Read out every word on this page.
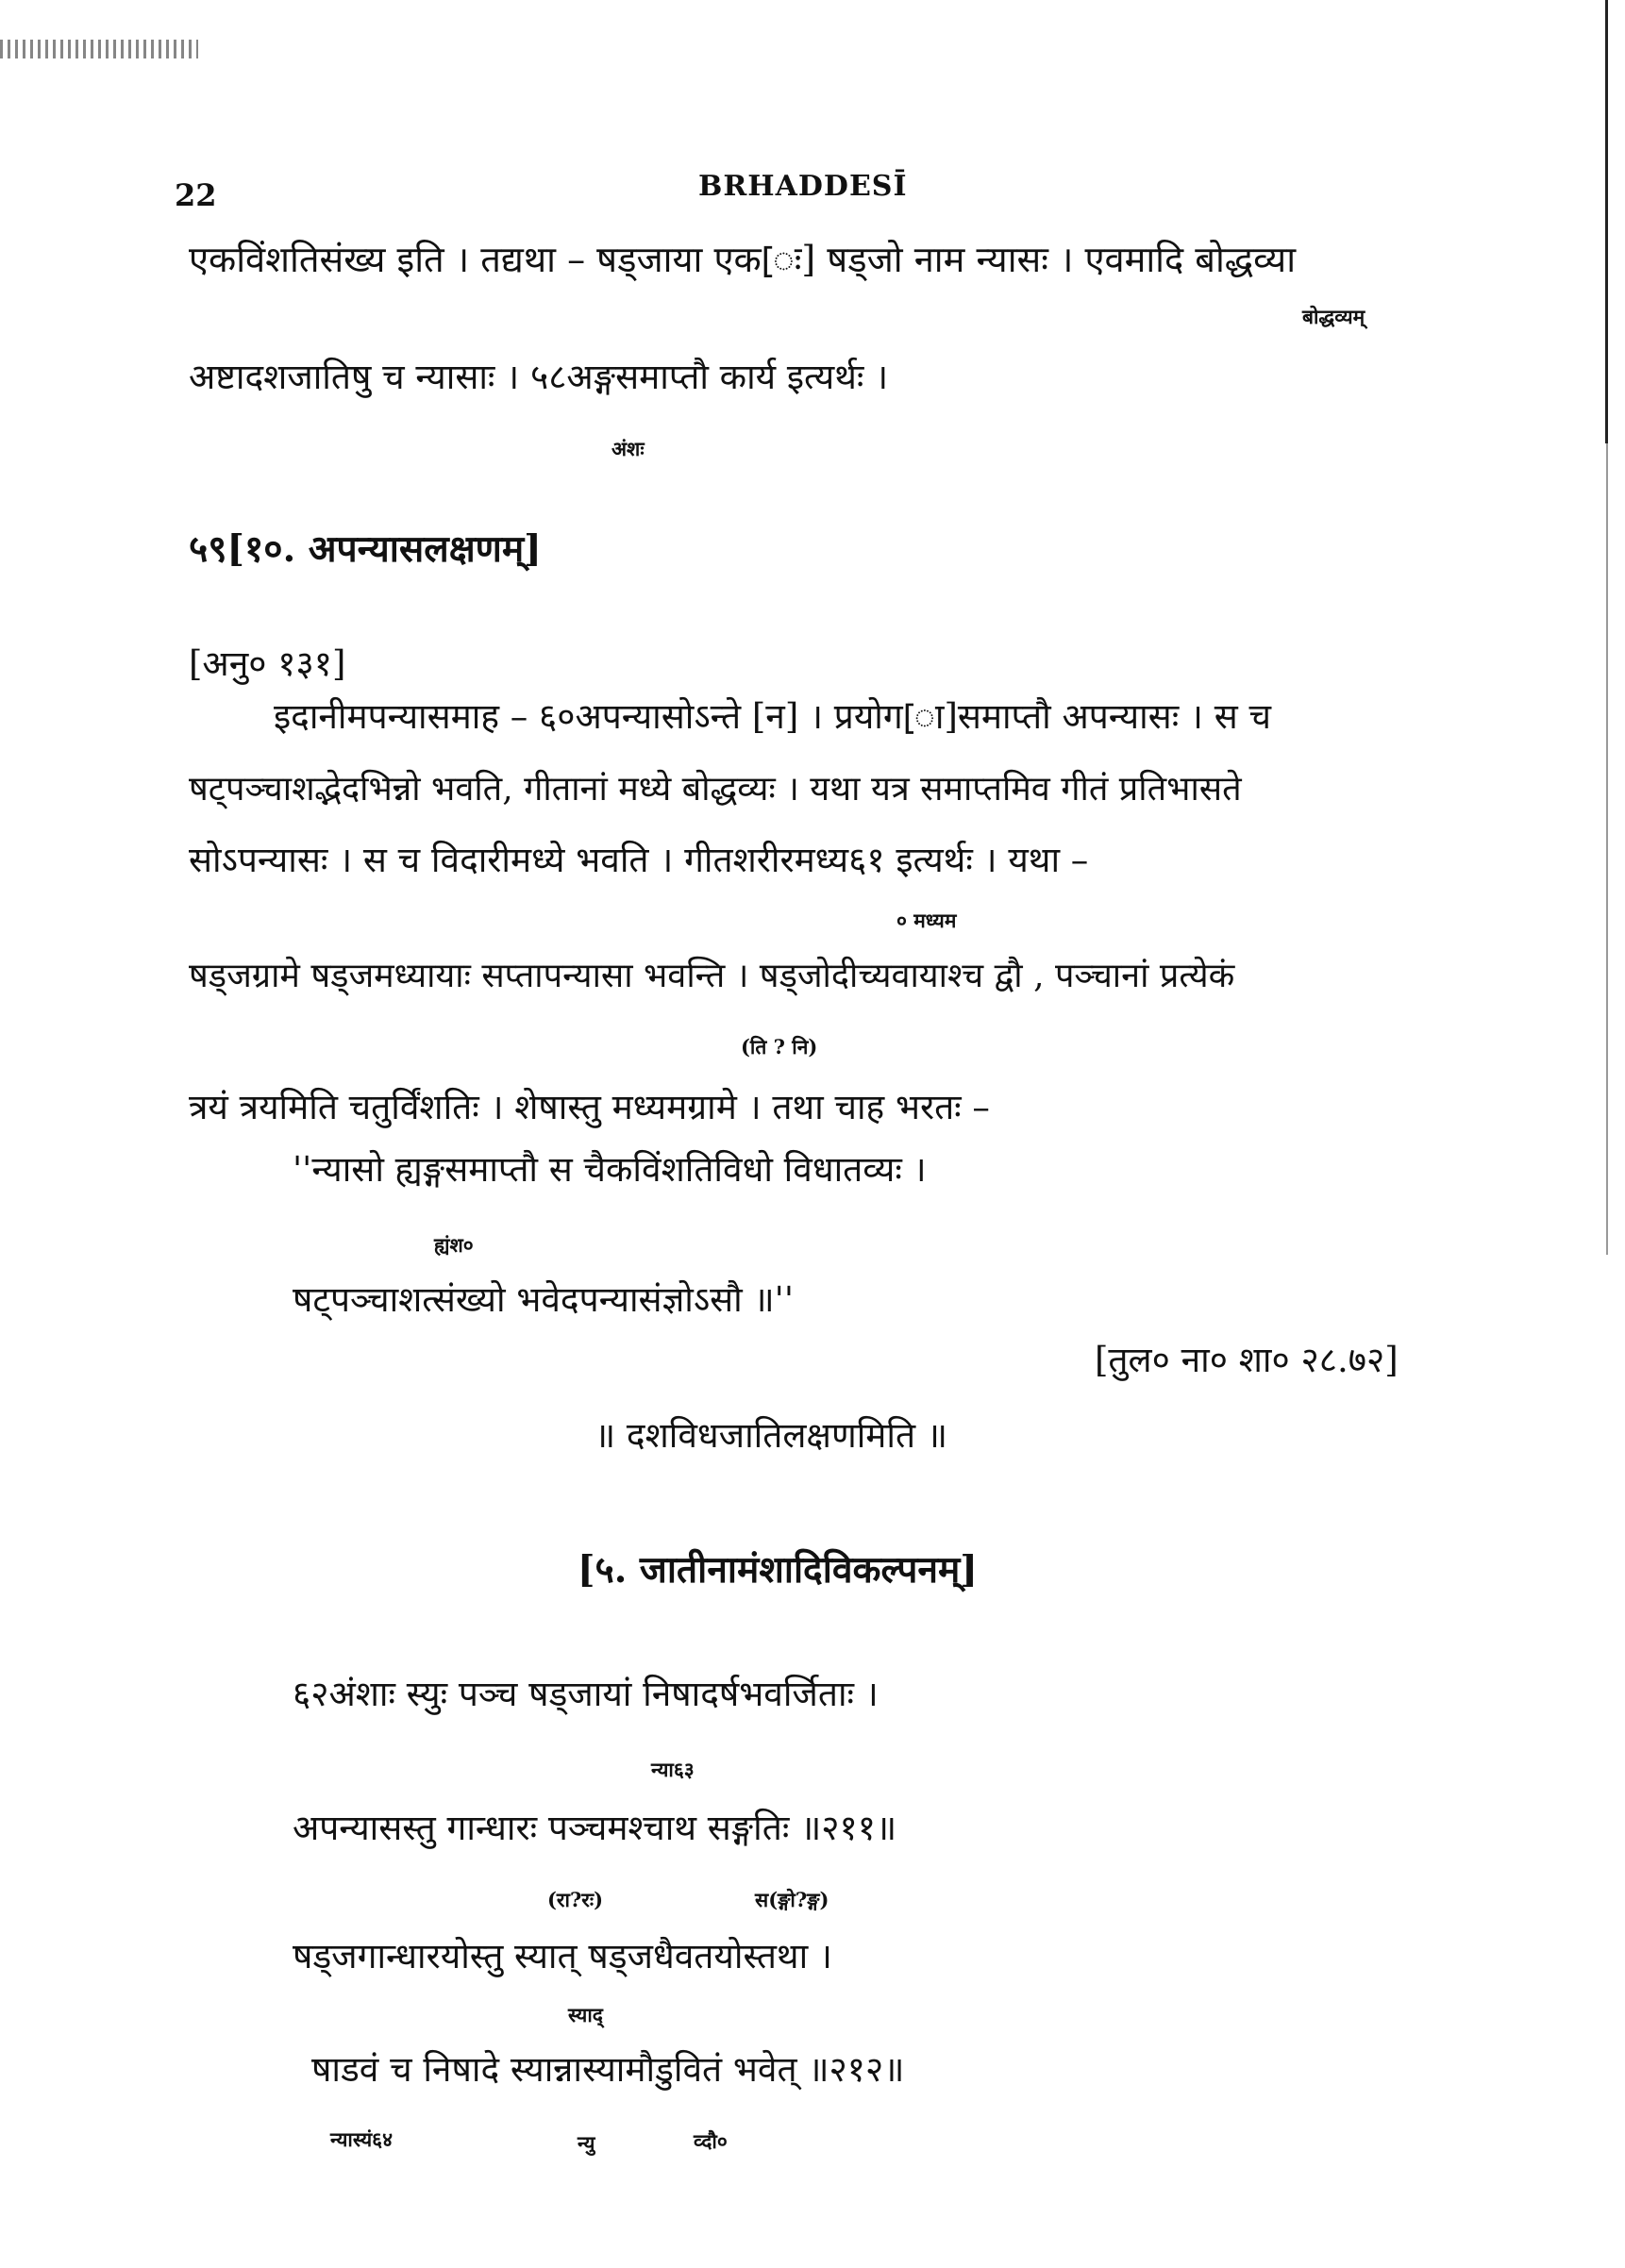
22	BRHADDESĪ
एकविंशतिसंख्य इति । तद्यथा – षड्जाया एक[ः] षड्जो नाम न्यासः । एवमादि बोद्धव्या
बोद्धव्यम्
अष्टादशजातिषु च न्यासाः । ५८अङ्गसमाप्तौ कार्य इत्यर्थः ।
अंशः
५९[१०. अपन्यासलक्षणम्]
[अनु० १३१]
इदानीमपन्यासमाह – ६०अपन्यासोऽन्ते [न] । प्रयोग[ा]समाप्तौ अपन्यासः । स च
षट्पञ्चाशद्भेदभिन्नो भवति, गीतानां मध्ये बोद्धव्यः । यथा यत्र समाप्तमिव गीतं प्रतिभासते
सोऽपन्यासः । स च विदारीमध्ये भवति । गीतशरीरमध्य६१ इत्यर्थः । यथा –
० मध्यम
षड्जग्रामे षड्जमध्यायाः सप्तापन्यासा भवन्ति । षड्जोदीच्यवायाश्च द्वौ , पञ्चानां प्रत्येकं
(ति ? नि)
त्रयं त्रयमिति चतुर्विंशतिः । शेषास्तु मध्यमग्रामे । तथा चाह भरतः –
''न्यासो ह्यङ्गसमाप्तौ स चैकविंशतिविधो विधातव्यः ।
ह्यंश०
षट्पञ्चाशत्संख्यो भवेदपन्यासंज्ञोऽसौ ॥''
[तुल० ना० शा० २८.७२]
॥ दशविधजातिलक्षणमिति ॥
[५. जातीनामंशादिविकल्पनम्]
६२अंशाः स्युः पञ्च षड्जायां निषादर्षभवर्जिताः ।
न्या६३
अपन्यासस्तु गान्धारः पञ्चमश्चाथ सङ्गतिः ॥२११॥
(रा?रः)	स(ङ्गो?ङ्ग)
षड्जगान्धारयोस्तु स्यात् षड्जधैवतयोस्तथा ।
स्याद्
षाडवं च निषादे स्यान्नास्यामौडुवितं भवेत् ॥२१२॥
न्यास्यं६४	न्यु	व्दौ०
